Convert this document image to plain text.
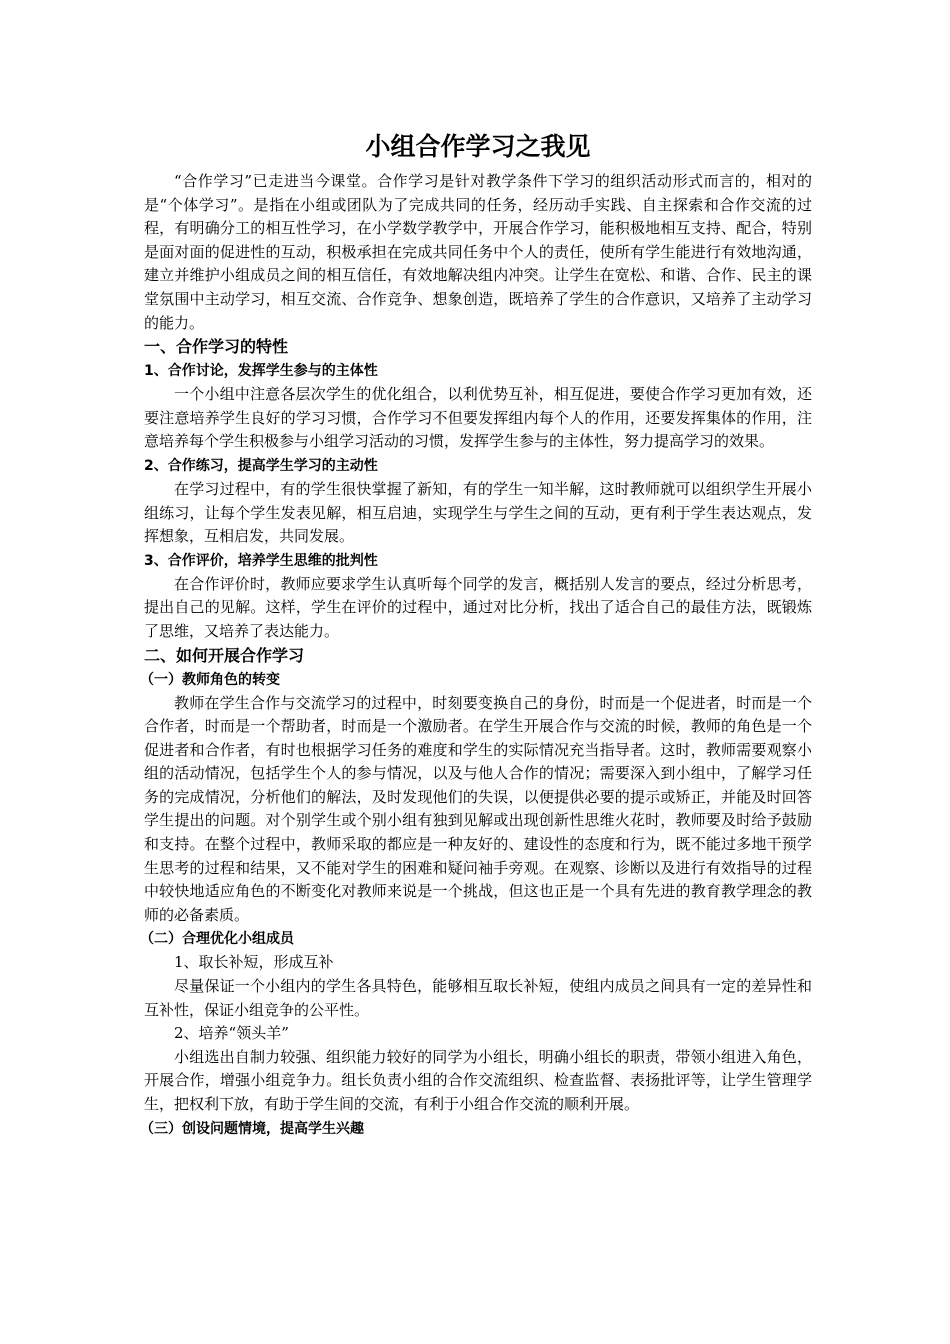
小组合作学习之我见

“合作学习”已走进当今课堂。合作学习是针对教学条件下学习的组织活动形式而言的，相对的是“个体学习”。是指在小组或团队为了完成共同的任务，经历动手实践、自主探索和合作交流的过程，有明确分工的相互性学习，在小学数学教学中，开展合作学习，能积极地相互支持、配合，特别是面对面的促进性的互动，积极承担在完成共同任务中个人的责任，使所有学生能进行有效地沟通，建立并维护小组成员之间的相互信任，有效地解决组内冲突。让学生在宽松、和谐、合作、民主的课堂氛围中主动学习，相互交流、合作竞争、想象创造，既培养了学生的合作意识，又培养了主动学习的能力。

一、合作学习的特性
1、合作讨论，发挥学生参与的主体性

一个小组中注意各层次学生的优化组合，以利优势互补，相互促进，要使合作学习更加有效，还要注意培养学生良好的学习习惯，合作学习不但要发挥组内每个人的作用，还要发挥集体的作用，注意培养每个学生积极参与小组学习活动的习惯，发挥学生参与的主体性，努力提高学习的效果。

2、合作练习，提高学生学习的主动性

在学习过程中，有的学生很快掌握了新知，有的学生一知半解，这时教师就可以组织学生开展小组练习，让每个学生发表见解，相互启迪，实现学生与学生之间的互动，更有利于学生表达观点，发挥想象，互相启发，共同发展。

3、合作评价，培养学生思维的批判性

在合作评价时，教师应要求学生认真听每个同学的发言，概括别人发言的要点，经过分析思考，提出自己的见解。这样，学生在评价的过程中，通过对比分析，找出了适合自己的最佳方法，既锻炼了思维，又培养了表达能力。

二、如何开展合作学习
（一）教师角色的转变

教师在学生合作与交流学习的过程中，时刻要变换自己的身份，时而是一个促进者，时而是一个合作者，时而是一个帮助者，时而是一个激励者。在学生开展合作与交流的时候，教师的角色是一个促进者和合作者，有时也根据学习任务的难度和学生的实际情况充当指导者。这时，教师需要观察小组的活动情况，包括学生个人的参与情况，以及与他人合作的情况；需要深入到小组中，了解学习任务的完成情况，分析他们的解法，及时发现他们的失误，以便提供必要的提示或矫正，并能及时回答学生提出的问题。对个别学生或个别小组有独到见解或出现创新性思维火花时，教师要及时给予鼓励和支持。在整个过程中，教师采取的都应是一种友好的、建设性的态度和行为，既不能过多地干预学生思考的过程和结果，又不能对学生的困难和疑问袖手旁观。在观察、诊断以及进行有效指导的过程中较快地适应角色的不断变化对教师来说是一个挑战，但这也正是一个具有先进的教育教学理念的教师的必备素质。

（二）合理优化小组成员

1、取长补短，形成互补

尽量保证一个小组内的学生各具特色，能够相互取长补短，使组内成员之间具有一定的差异性和互补性，保证小组竞争的公平性。

2、培养“领头羊”

小组选出自制力较强、组织能力较好的同学为小组长，明确小组长的职责，带领小组进入角色，开展合作，增强小组竞争力。组长负责小组的合作交流组织、检查监督、表扬批评等，让学生管理学生，把权利下放，有助于学生间的交流，有利于小组合作交流的顺利开展。

（三）创设问题情境，提高学生兴趣
